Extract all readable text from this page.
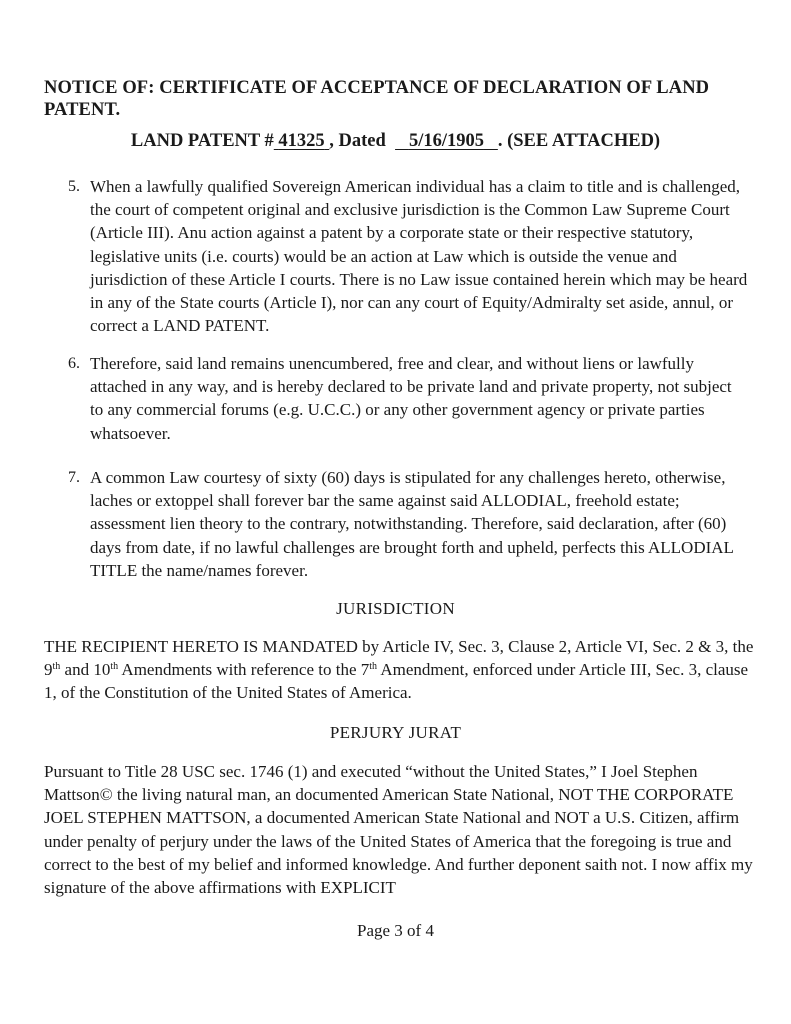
NOTICE OF: CERTIFICATE OF ACCEPTANCE OF DECLARATION OF LAND PATENT.
LAND PATENT # 41325 , Dated 5/16/1905 . (SEE ATTACHED)
5. When a lawfully qualified Sovereign American individual has a claim to title and is challenged, the court of competent original and exclusive jurisdiction is the Common Law Supreme Court (Article III). Anu action against a patent by a corporate state or their respective statutory, legislative units (i.e. courts) would be an action at Law which is outside the venue and jurisdiction of these Article I courts. There is no Law issue contained herein which may be heard in any of the State courts (Article I), nor can any court of Equity/Admiralty set aside, annul, or correct a LAND PATENT.
6. Therefore, said land remains unencumbered, free and clear, and without liens or lawfully attached in any way, and is hereby declared to be private land and private property, not subject to any commercial forums (e.g. U.C.C.) or any other government agency or private parties whatsoever.
7. A common Law courtesy of sixty (60) days is stipulated for any challenges hereto, otherwise, laches or extoppel shall forever bar the same against said ALLODIAL, freehold estate; assessment lien theory to the contrary, notwithstanding. Therefore, said declaration, after (60) days from date, if no lawful challenges are brought forth and upheld, perfects this ALLODIAL TITLE the name/names forever.
JURISDICTION
THE RECIPIENT HERETO IS MANDATED by Article IV, Sec. 3, Clause 2, Article VI, Sec. 2 & 3, the 9th and 10th Amendments with reference to the 7th Amendment, enforced under Article III, Sec. 3, clause 1, of the Constitution of the United States of America.
PERJURY JURAT
Pursuant to Title 28 USC sec. 1746 (1) and executed “without the United States,” I Joel Stephen Mattson© the living natural man, an documented American State National, NOT THE CORPORATE JOEL STEPHEN MATTSON, a documented American State National and NOT a U.S. Citizen, affirm under penalty of perjury under the laws of the United States of America that the foregoing is true and correct to the best of my belief and informed knowledge. And further deponent saith not. I now affix my signature of the above affirmations with EXPLICIT
Page 3 of 4
